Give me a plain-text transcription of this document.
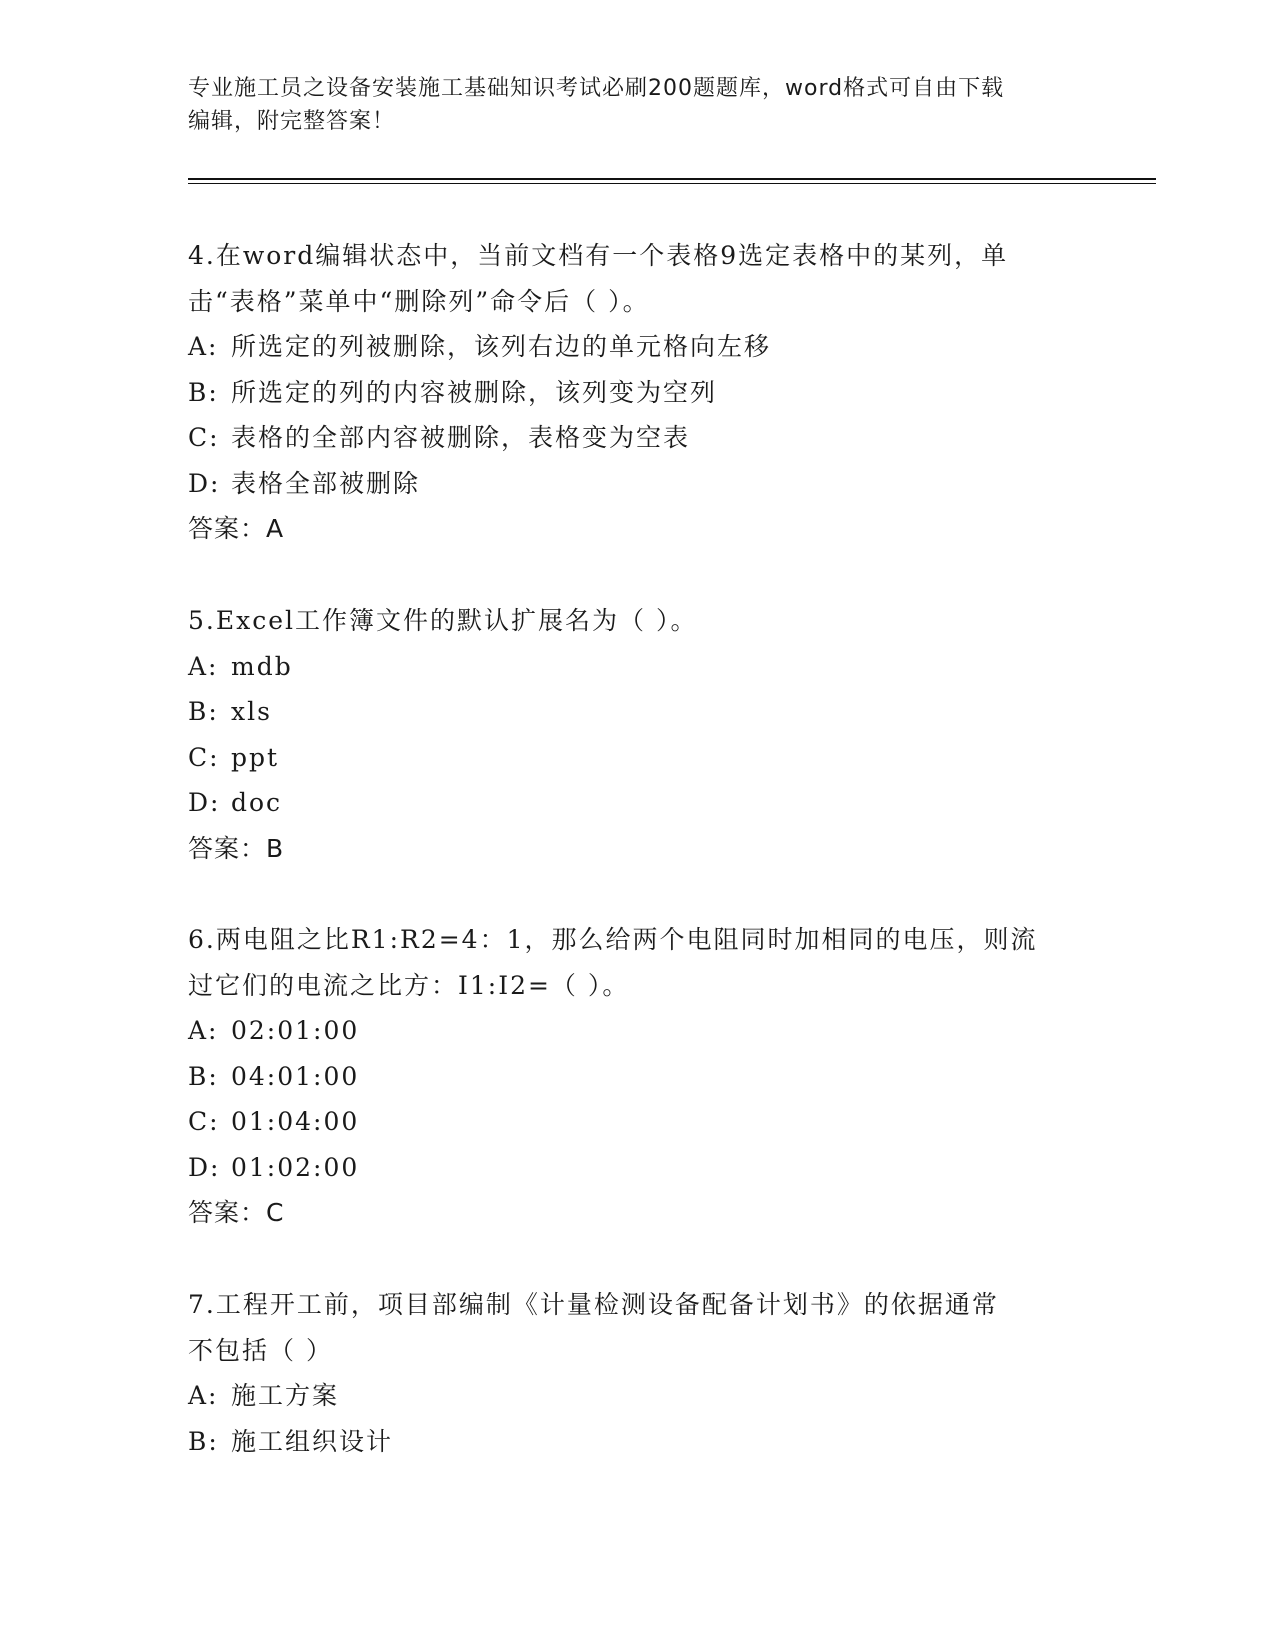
专业施工员之设备安装施工基础知识考试必刷200题题库，word格式可自由下载
编辑，附完整答案！
4.在word编辑状态中，当前文档有一个表格9选定表格中的某列，单
击“表格”菜单中“删除列”命令后（ ）。
A: 所选定的列被删除，该列右边的单元格向左移
B: 所选定的列的内容被删除，该列变为空列
C: 表格的全部内容被删除，表格变为空表
D: 表格全部被删除
答案：A
5.Excel工作簿文件的默认扩展名为（ ）。
A: mdb
B: xls
C: ppt
D: doc
答案：B
6.两电阻之比R1:R2=4：1，那么给两个电阻同时加相同的电压，则流
过它们的电流之比方：I1:I2=（ ）。
A: 02:01:00
B: 04:01:00
C: 01:04:00
D: 01:02:00
答案：C
7.工程开工前，项目部编制《计量检测设备配备计划书》的依据通常
不包括（ ）
A: 施工方案
B: 施工组织设计
